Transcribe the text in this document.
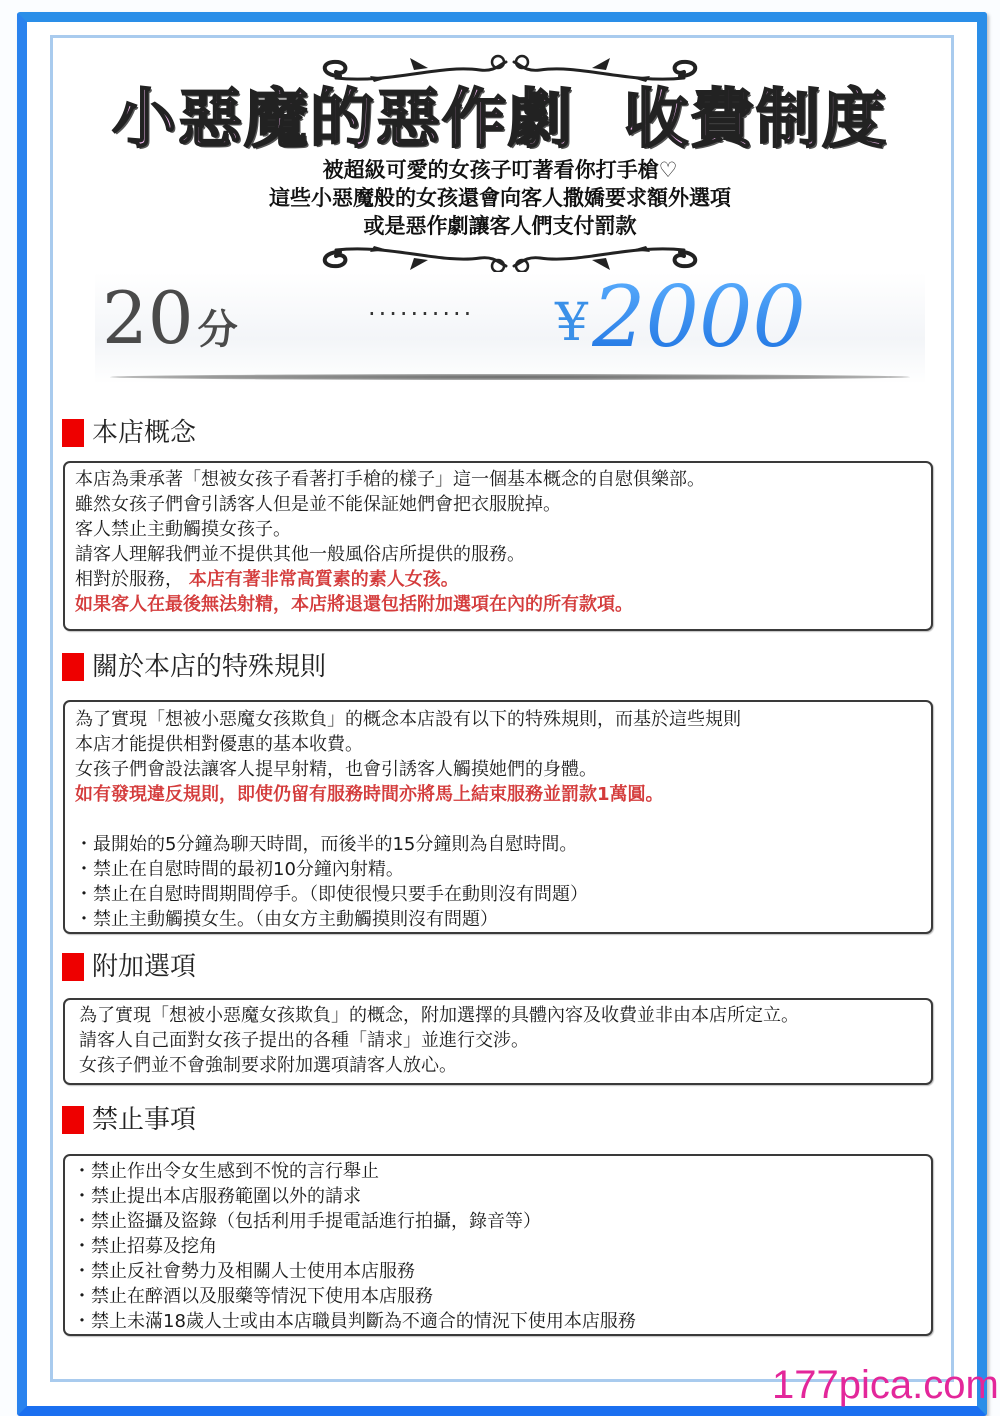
小惡魔的惡作劇 收費制度
被超級可愛的女孩子叮著看你打手槍♡
這些小惡魔般的女孩還會向客人撒嬌要求額外選項
或是惡作劇讓客人們支付罰款
20 分	·········· ¥2000
本店概念
本店為秉承著「想被女孩子看著打手槍的樣子」這一個基本概念的自慰俱樂部。
雖然女孩子們會引誘客人但是並不能保証她們會把衣服脫掉。
客人禁止主動觸摸女孩子。
請客人理解我們並不提供其他一般風俗店所提供的服務。
相對於服務， 本店有著非常高質素的素人女孩。
如果客人在最後無法射精，本店將退還包括附加選項在內的所有款項。
關於本店的特殊規則
為了實現「想被小惡魔女孩欺負」的概念本店設有以下的特殊規則，而基於這些規則
本店才能提供相對優惠的基本收費。
女孩子們會設法讓客人提早射精，也會引誘客人觸摸她們的身體。
如有發現違反規則，即使仍留有服務時間亦將馬上結束服務並罰款1萬圓。
・最開始的5分鐘為聊天時間，而後半的15分鐘則為自慰時間。
・禁止在自慰時間的最初10分鐘內射精。
・禁止在自慰時間期間停手。（即使很慢只要手在動則沒有問題）
・禁止主動觸摸女生。（由女方主動觸摸則沒有問題）
附加選項
為了實現「想被小惡魔女孩欺負」的概念，附加選擇的具體內容及收費並非由本店所定立。
請客人自己面對女孩子提出的各種「請求」並進行交涉。
女孩子們並不會強制要求附加選項請客人放心。
禁止事項
・禁止作出令女生感到不悅的言行舉止
・禁止提出本店服務範圍以外的請求
・禁止盜攝及盜錄（包括利用手提電話進行拍攝，錄音等）
・禁止招募及挖角
・禁止反社會勢力及相關人士使用本店服務
・禁止在醉酒以及服藥等情況下使用本店服務
・禁上未滿18歲人士或由本店職員判斷為不適合的情況下使用本店服務
177pica.com
